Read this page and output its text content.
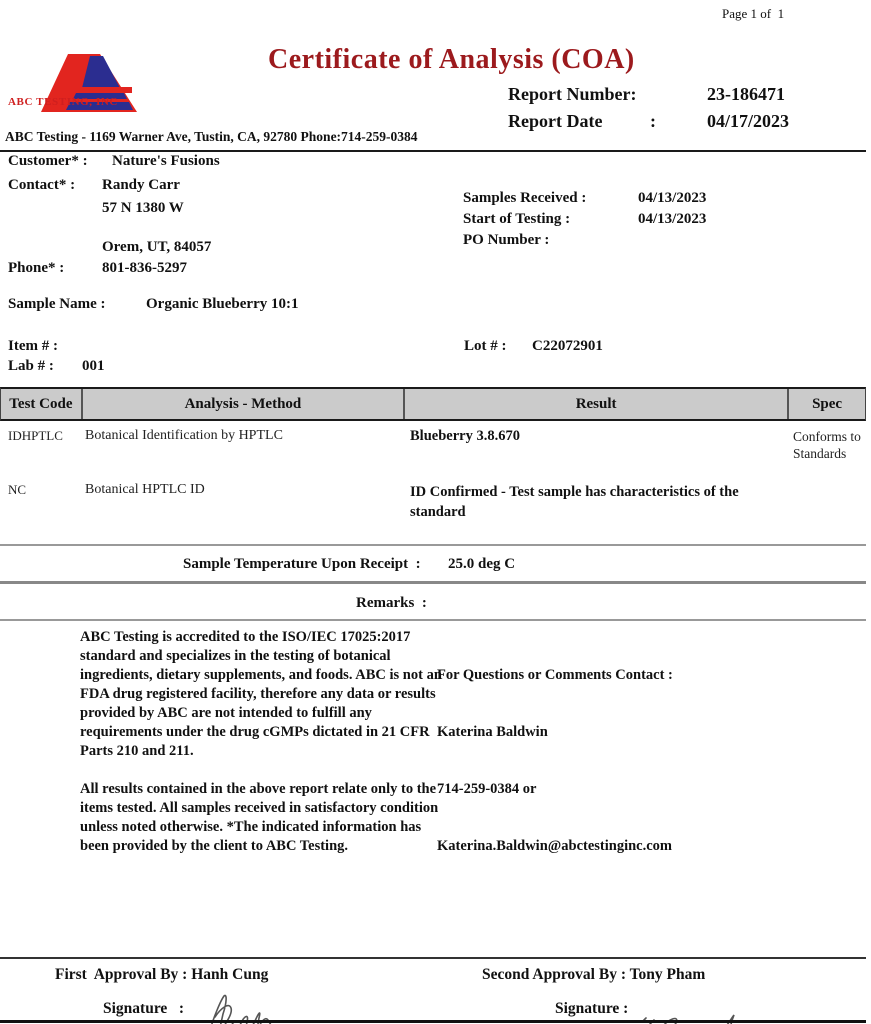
Page 1 of  1

ABC TESTING, INC
Certificate of Analysis (COA)
Report Number:	23-186471
Report Date	:	04/17/2023
ABC Testing - 1169 Warner Ave, Tustin, CA, 92780 Phone:714-259-0384
Customer* : Nature's Fusions
Contact* : Randy Carr
57 N 1380 W
Orem, UT, 84057
Phone* :	801-836-5297
Samples Received :	04/13/2023
Start of Testing :	04/13/2023
PO Number :
Sample Name :	Organic Blueberry 10:1
Item # :	Lot # : C22072901
Lab # : 001
Test Code	Analysis - Method	Result	Spec
IDHPTLC Botanical Identification by HPTLC	Blueberry 3.8.670	Conforms to Standards
NC	Botanical HPTLC ID	ID Confirmed - Test sample has characteristics of the standard
Sample Temperature Upon Receipt  : 25.0 deg C
Remarks  :
ABC Testing is accredited to the ISO/IEC 17025:2017 standard and specializes in the testing of botanical ingredients, dietary supplements, and foods. ABC is not an FDA drug registered facility, therefore any data or results provided by ABC are not intended to fulfill any requirements under the drug cGMPs dictated in 21 CFR Parts 210 and 211.

For Questions or Comments Contact :

Katerina Baldwin

714-259-0384 or

Katerina.Baldwin@abctestinginc.com

All results contained in the above report relate only to the items tested. All samples received in satisfactory condition unless noted otherwise. *The indicated information has been provided by the client to ABC Testing.
First  Approval By : Hanh Cung
Signature   :

Second Approval By : Tony Pham
Signature :
